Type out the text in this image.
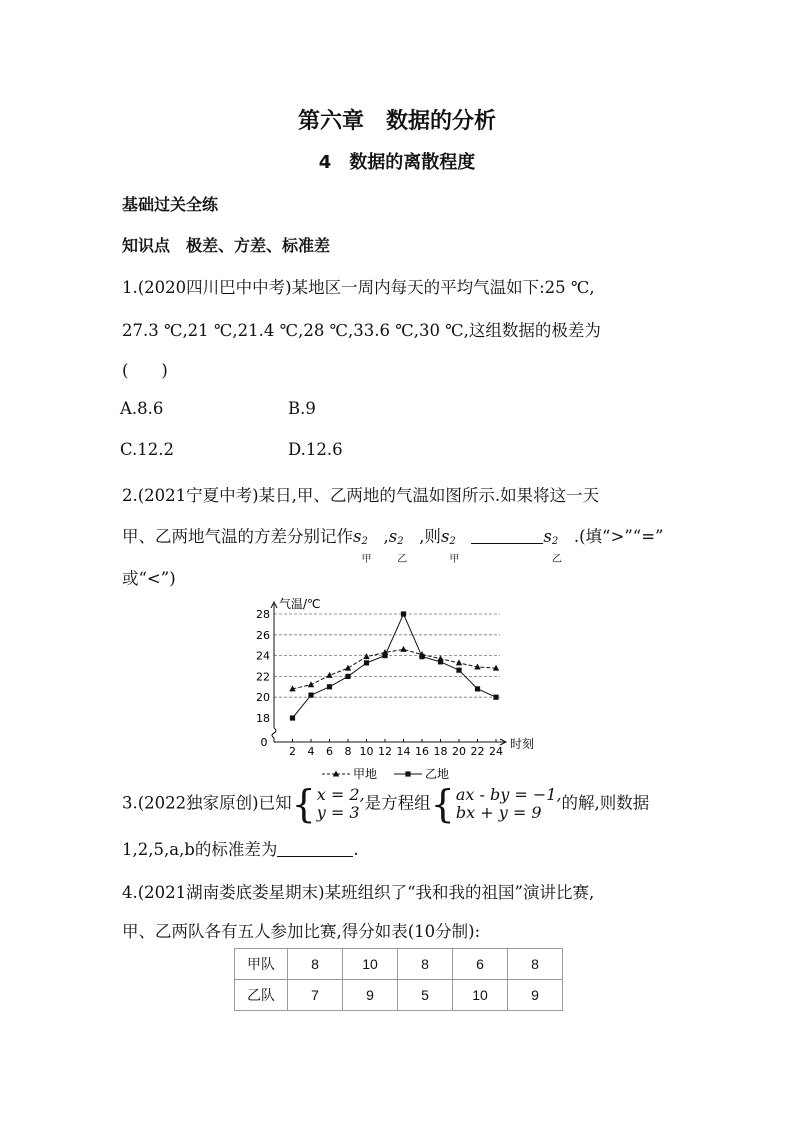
第六章　数据的分析
4　数据的离散程度
基础过关全练
知识点　极差、方差、标准差
1.(2020四川巴中中考)某地区一周内每天的平均气温如下:25 ℃,
27.3 ℃,21 ℃,21.4 ℃,28 ℃,33.6 ℃,30 ℃,这组数据的极差为
(　　)
A.8.6	B.9
C.12.2	D.12.6
2.(2021宁夏中考)某日,甲、乙两地的气温如图所示.如果将这一天
甲、乙两地气温的方差分别记作s 2
甲
,s 2
乙
,则s 2
甲
s 2
乙
.(填“>”“=”
或“<”)
气温/℃
时刻
0
18
20
22
24
26
28
2 4 6 8 10 12 14 16 18 20 22 24
甲地	乙地
3.(2022独家原创)已知{x = 2,
y = 3 是方程组{ax - by = −1,
bx + y = 9 的解,则数据
1,2,5,a,b的标准差为	.
4.(2021湖南娄底娄星期末)某班组织了“我和我的祖国”演讲比赛,
甲、乙两队各有五人参加比赛,得分如表(10分制):
甲队	8	10	8	6	8
乙队	7	9	5	10	9
